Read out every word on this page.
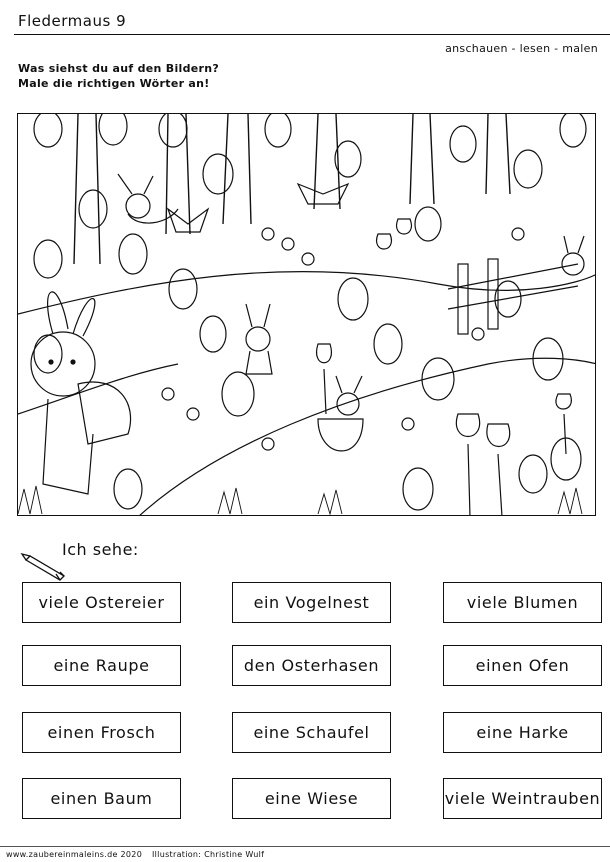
Fledermaus 9
anschauen - lesen - malen
Was siehst du auf den Bildern?
Male die richtigen Wörter an!
Ich sehe:
viele Ostereier	ein Vogelnest	viele Blumen
eine Raupe	den Osterhasen	einen Ofen
einen Frosch	eine Schaufel	eine Harke
einen Baum	eine Wiese	viele Weintrauben
www.zaubereinmaleins.de 2020 Illustration: Christine Wulf
